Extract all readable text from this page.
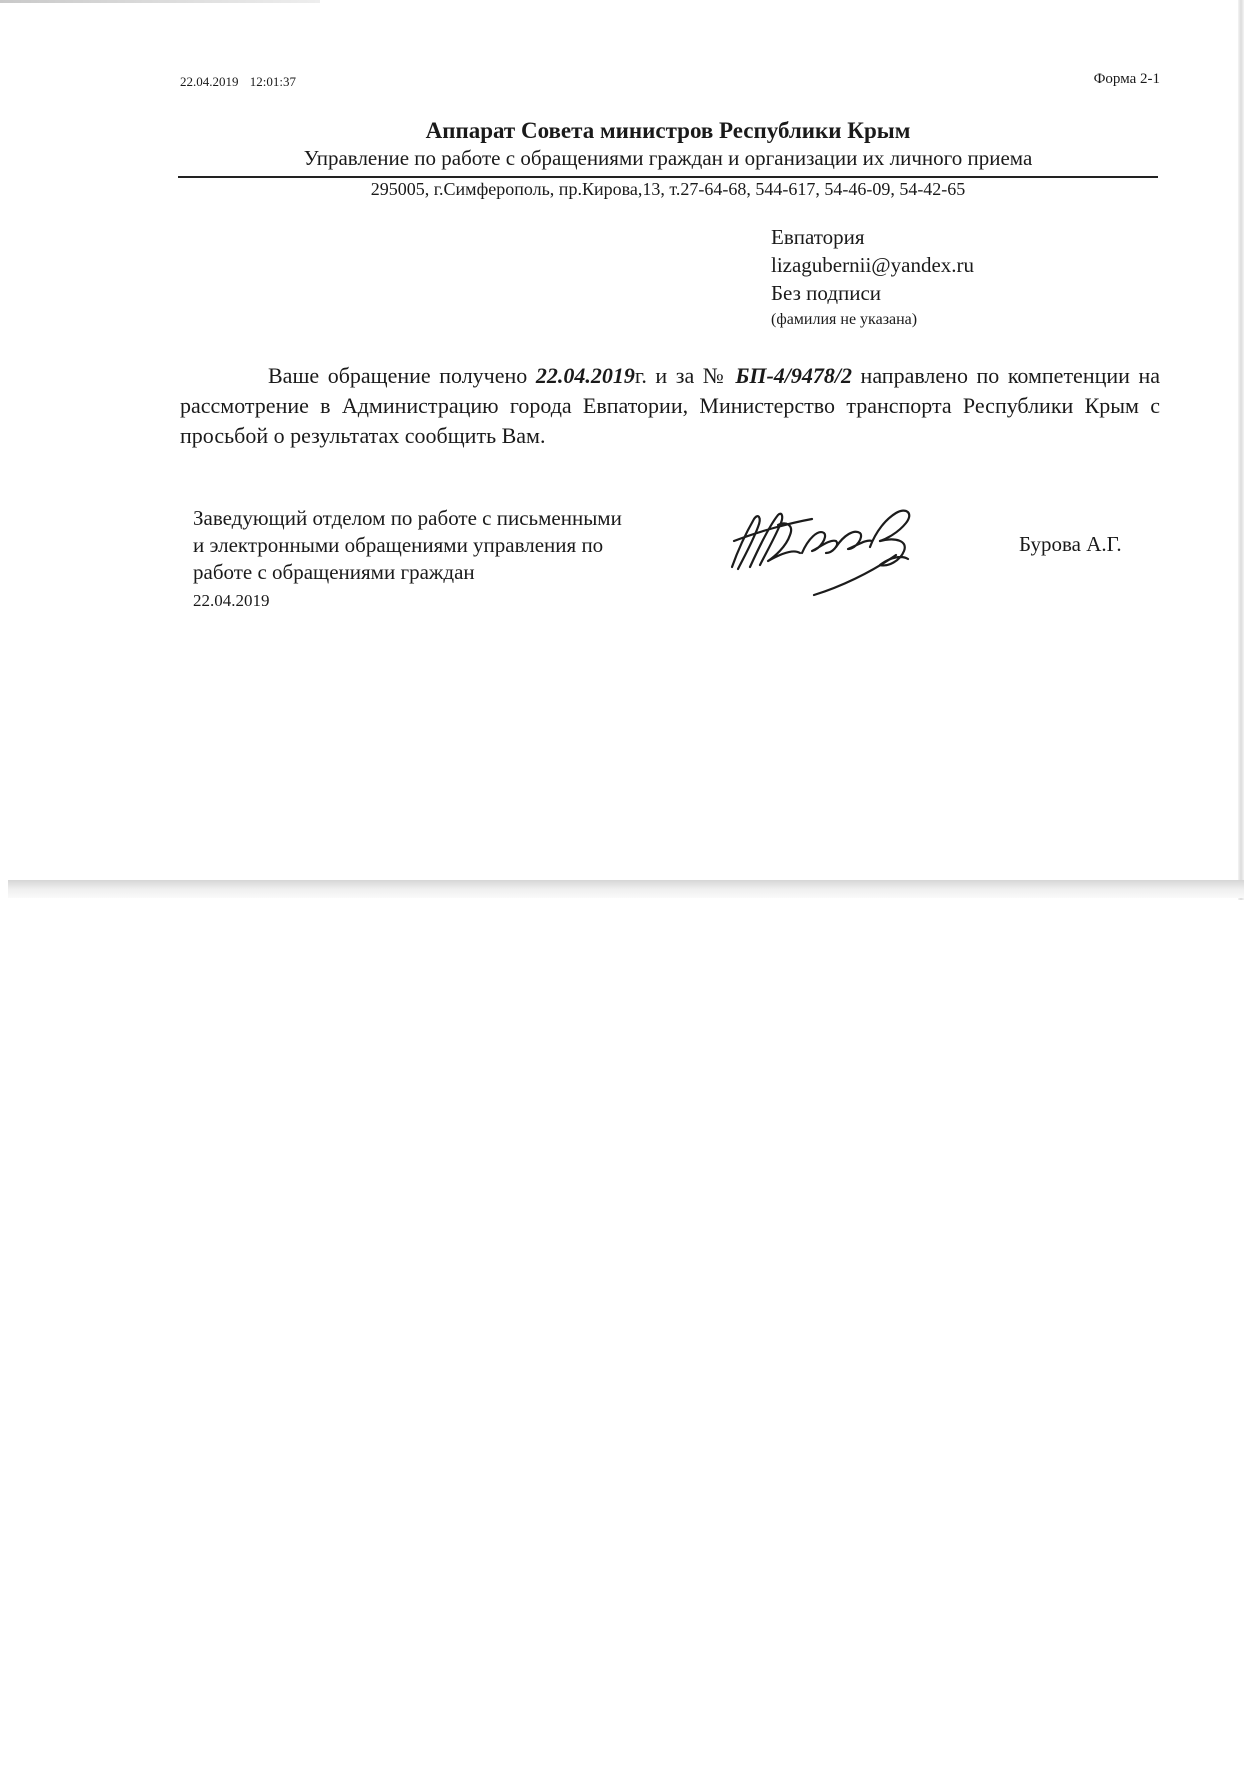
22.04.2019 12:01:37	Форма 2-1
Аппарат Совета министров Республики Крым
Управление по работе с обращениями граждан и организации их личного приема
295005, г.Симферополь, пр.Кирова,13, т.27-64-68, 544-617, 54-46-09, 54-42-65
Евпатория
lizagubernii@yandex.ru
Без подписи
(фамилия не указана)
Ваше обращение получено 22.04.2019г. и за № БП-4/9478/2 направлено по компетенции на рассмотрение в Администрацию города Евпатории, Министерство транспорта Республики Крым с просьбой о результатах сообщить Вам.
Заведующий отделом по работе с письменными
и электронными обращениями управления по
работе с обращениями граждан
22.04.2019
Бурова А.Г.
